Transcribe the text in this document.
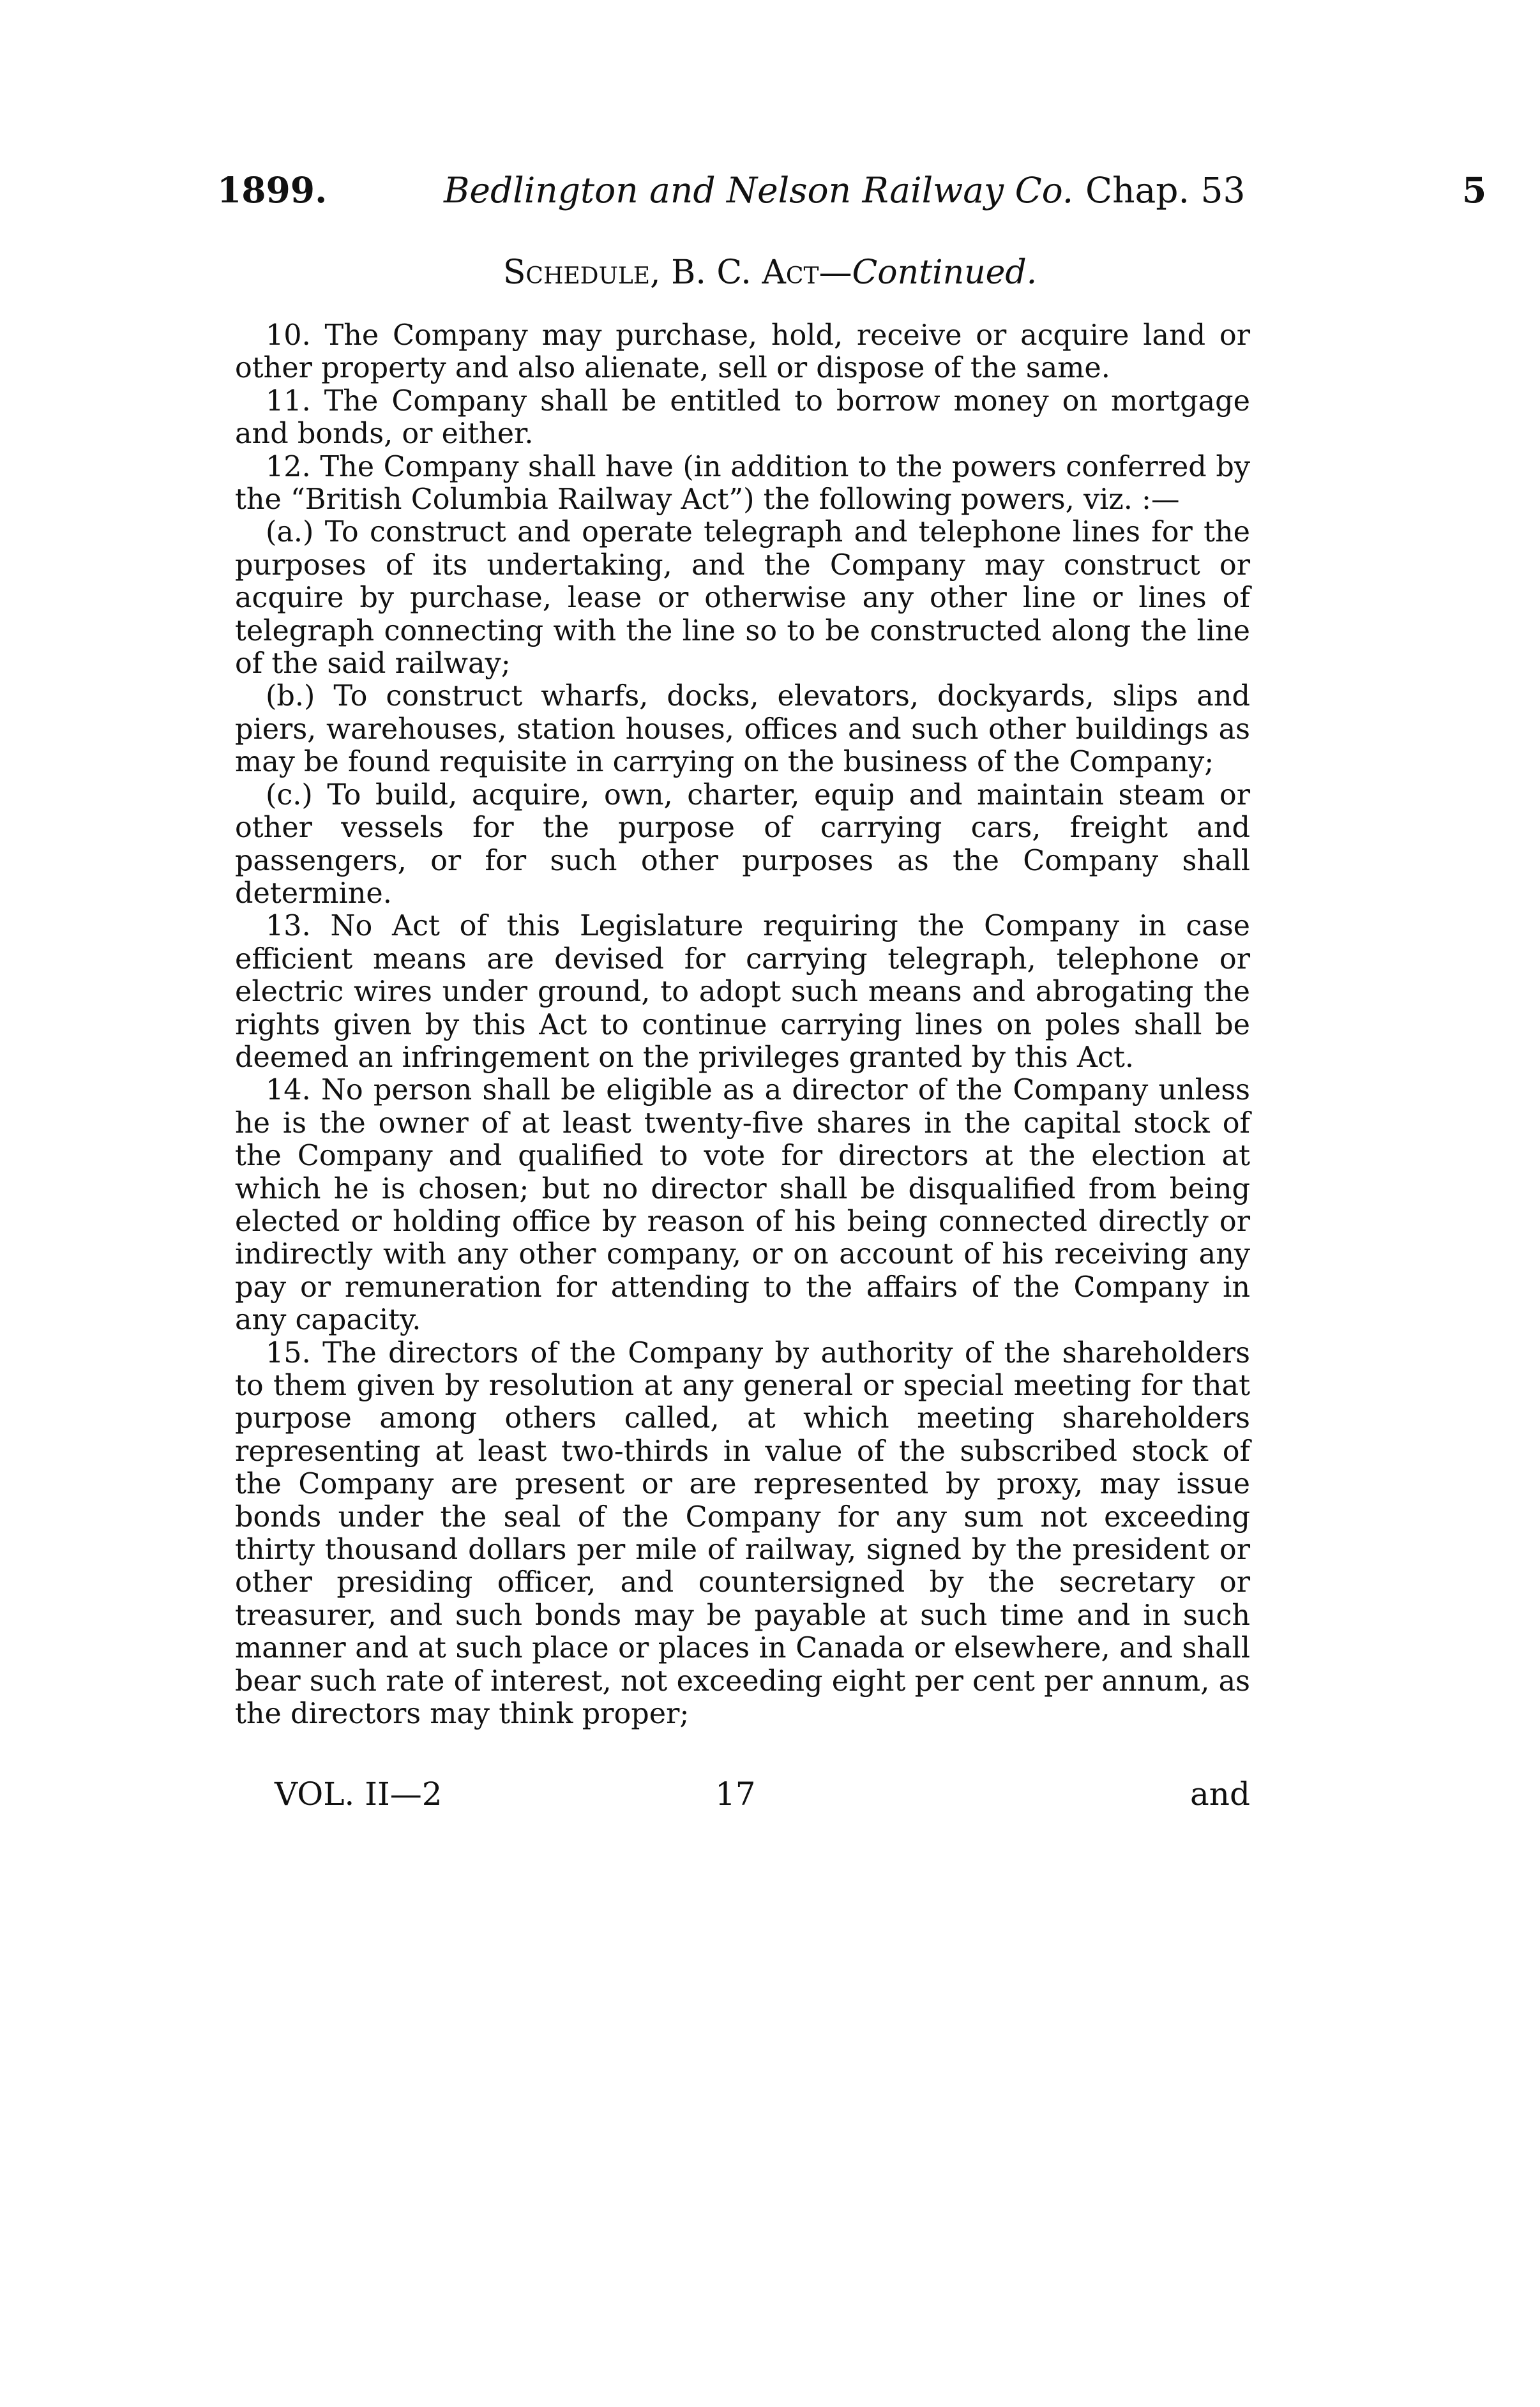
1899.	Bedlington and Nelson Railway Co. Chap. 53	5
Schedule, B. C. Act—Continued.

10. The Company may purchase, hold, receive or acquire land or other property and also alienate, sell or dispose of the same.

11. The Company shall be entitled to borrow money on mortgage and bonds, or either.

12. The Company shall have (in addition to the powers conferred by the “British Columbia Railway Act”) the following powers, viz. :—

(a.) To construct and operate telegraph and telephone lines for the purposes of its undertaking, and the Company may construct or acquire by purchase, lease or otherwise any other line or lines of telegraph connecting with the line so to be constructed along the line of the said railway;

(b.) To construct wharfs, docks, elevators, dockyards, slips and piers, warehouses, station houses, offices and such other buildings as may be found requisite in carrying on the business of the Company;

(c.) To build, acquire, own, charter, equip and maintain steam or other vessels for the purpose of carrying cars, freight and passengers, or for such other purposes as the Company shall determine.

13. No Act of this Legislature requiring the Company in case efficient means are devised for carrying telegraph, telephone or electric wires under ground, to adopt such means and abrogating the rights given by this Act to continue carrying lines on poles shall be deemed an infringement on the privileges granted by this Act.

14. No person shall be eligible as a director of the Company unless he is the owner of at least twenty-five shares in the capital stock of the Company and qualified to vote for directors at the election at which he is chosen; but no director shall be disqualified from being elected or holding office by reason of his being connected directly or indirectly with any other company, or on account of his receiving any pay or remuneration for attending to the affairs of the Company in any capacity.

15. The directors of the Company by authority of the shareholders to them given by resolution at any general or special meeting for that purpose among others called, at which meeting shareholders representing at least two-thirds in value of the subscribed stock of the Company are present or are represented by proxy, may issue bonds under the seal of the Company for any sum not exceeding thirty thousand dollars per mile of railway, signed by the president or other presiding officer, and countersigned by the secretary or treasurer, and such bonds may be payable at such time and in such manner and at such place or places in Canada or elsewhere, and shall bear such rate of interest, not exceeding eight per cent per annum, as the directors may think proper;

VOL. II—2	17	and
